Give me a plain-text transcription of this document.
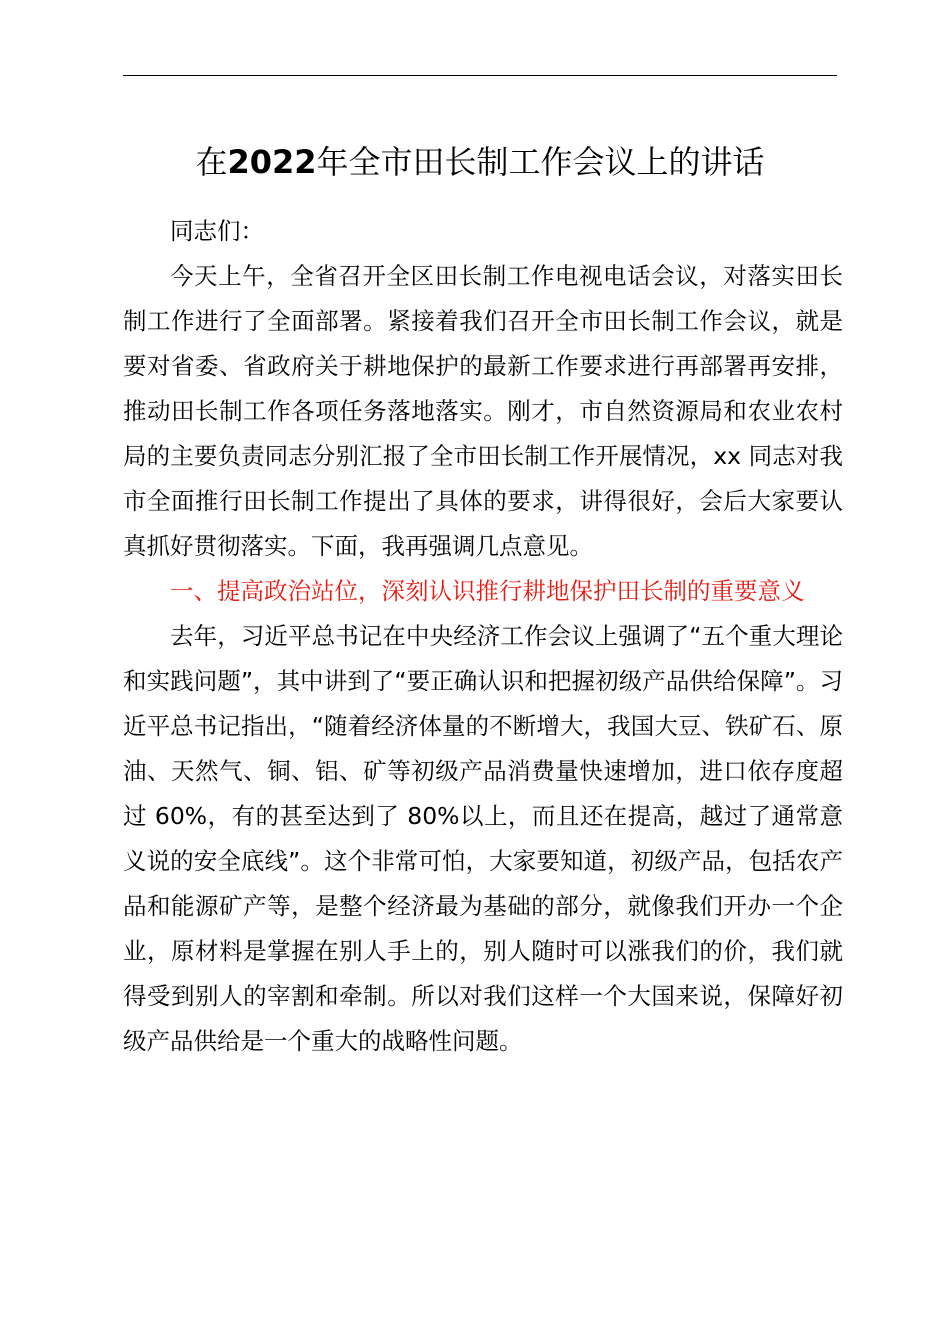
在2022年全市田长制工作会议上的讲话

同志们：

今天上午，全省召开全区田长制工作电视电话会议，对落实田长制工作进行了全面部署。紧接着我们召开全市田长制工作会议，就是要对省委、省政府关于耕地保护的最新工作要求进行再部署再安排，推动田长制工作各项任务落地落实。刚才，市自然资源局和农业农村局的主要负责同志分别汇报了全市田长制工作开展情况，xx 同志对我市全面推行田长制工作提出了具体的要求，讲得很好，会后大家要认真抓好贯彻落实。下面，我再强调几点意见。

一、提高政治站位，深刻认识推行耕地保护田长制的重要意义

去年，习近平总书记在中央经济工作会议上强调了“五个重大理论和实践问题”，其中讲到了“要正确认识和把握初级产品供给保障”。习近平总书记指出，“随着经济体量的不断增大，我国大豆、铁矿石、原油、天然气、铜、铝、矿等初级产品消费量快速增加，进口依存度超过 60%，有的甚至达到了 80%以上，而且还在提高，越过了通常意义说的安全底线”。这个非常可怕，大家要知道，初级产品，包括农产品和能源矿产等，是整个经济最为基础的部分，就像我们开办一个企业，原材料是掌握在别人手上的，别人随时可以涨我们的价，我们就得受到别人的宰割和牵制。所以对我们这样一个大国来说，保障好初级产品供给是一个重大的战略性问题。
